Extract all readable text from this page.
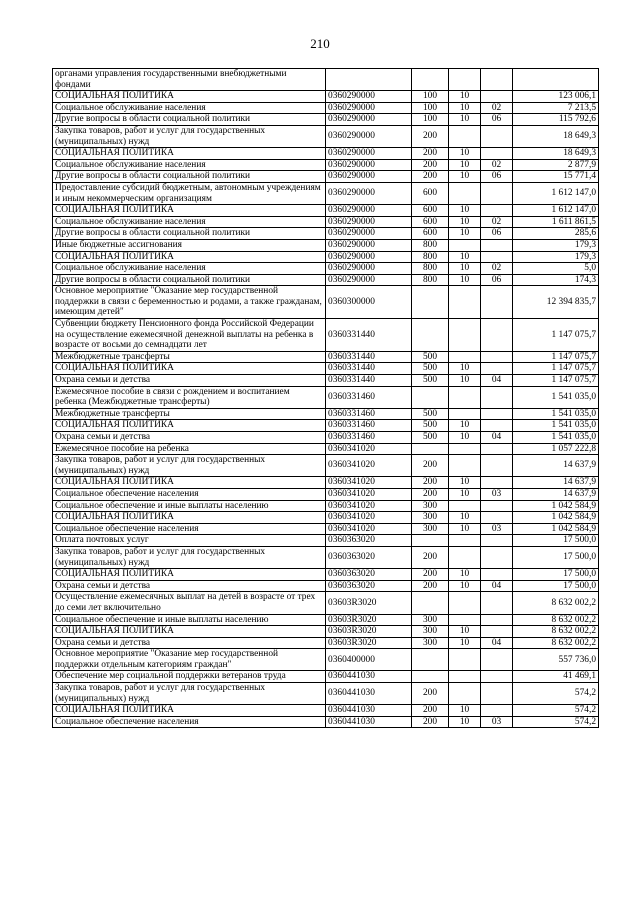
210
органами управления государственными внебюджетными фондами					
СОЦИАЛЬНАЯ ПОЛИТИКА	0360290000	100	10		123 006,1
Социальное обслуживание населения	0360290000	100	10	02	7 213,5
Другие вопросы в области социальной политики	0360290000	100	10	06	115 792,6
Закупка товаров, работ и услуг для государственных (муниципальных) нужд	0360290000	200			18 649,3
СОЦИАЛЬНАЯ ПОЛИТИКА	0360290000	200	10		18 649,3
Социальное обслуживание населения	0360290000	200	10	02	2 877,9
Другие вопросы в области социальной политики	0360290000	200	10	06	15 771,4
Предоставление субсидий бюджетным, автономным учреждениям и иным некоммерческим организациям	0360290000	600			1 612 147,0
СОЦИАЛЬНАЯ ПОЛИТИКА	0360290000	600	10		1 612 147,0
Социальное обслуживание населения	0360290000	600	10	02	1 611 861,5
Другие вопросы в области социальной политики	0360290000	600	10	06	285,6
Иные бюджетные ассигнования	0360290000	800			179,3
СОЦИАЛЬНАЯ ПОЛИТИКА	0360290000	800	10		179,3
Социальное обслуживание населения	0360290000	800	10	02	5,0
Другие вопросы в области социальной политики	0360290000	800	10	06	174,3
Основное мероприятие "Оказание мер государственной поддержки в связи с беременностью и родами, а также гражданам, имеющим детей"	0360300000				12 394 835,7
Субвенции бюджету Пенсионного фонда Российской Федерации на осуществление ежемесячной денежной выплаты на ребенка в возрасте от восьми до семнадцати лет	0360331440				1 147 075,7
Межбюджетные трансферты	0360331440	500			1 147 075,7
СОЦИАЛЬНАЯ ПОЛИТИКА	0360331440	500	10		1 147 075,7
Охрана семьи и детства	0360331440	500	10	04	1 147 075,7
Ежемесячное пособие в связи с рождением и воспитанием ребенка (Межбюджетные трансферты)	0360331460				1 541 035,0
Межбюджетные трансферты	0360331460	500			1 541 035,0
СОЦИАЛЬНАЯ ПОЛИТИКА	0360331460	500	10		1 541 035,0
Охрана семьи и детства	0360331460	500	10	04	1 541 035,0
Ежемесячное пособие на ребенка	0360341020				1 057 222,8
Закупка товаров, работ и услуг для государственных (муниципальных) нужд	0360341020	200			14 637,9
СОЦИАЛЬНАЯ ПОЛИТИКА	0360341020	200	10		14 637,9
Социальное обеспечение населения	0360341020	200	10	03	14 637,9
Социальное обеспечение и иные выплаты населению	0360341020	300			1 042 584,9
СОЦИАЛЬНАЯ ПОЛИТИКА	0360341020	300	10		1 042 584,9
Социальное обеспечение населения	0360341020	300	10	03	1 042 584,9
Оплата почтовых услуг	0360363020				17 500,0
Закупка товаров, работ и услуг для государственных (муниципальных) нужд	0360363020	200			17 500,0
СОЦИАЛЬНАЯ ПОЛИТИКА	0360363020	200	10		17 500,0
Охрана семьи и детства	0360363020	200	10	04	17 500,0
Осуществление ежемесячных выплат на детей в возрасте от трех до семи лет включительно	03603R3020				8 632 002,2
Социальное обеспечение и иные выплаты населению	03603R3020	300			8 632 002,2
СОЦИАЛЬНАЯ ПОЛИТИКА	03603R3020	300	10		8 632 002,2
Охрана семьи и детства	03603R3020	300	10	04	8 632 002,2
Основное мероприятие "Оказание мер государственной поддержки отдельным категориям граждан"	0360400000				557 736,0
Обеспечение мер социальной поддержки ветеранов труда	0360441030				41 469,1
Закупка товаров, работ и услуг для государственных (муниципальных) нужд	0360441030	200			574,2
СОЦИАЛЬНАЯ ПОЛИТИКА	0360441030	200	10		574,2
Социальное обеспечение населения	0360441030	200	10	03	574,2
